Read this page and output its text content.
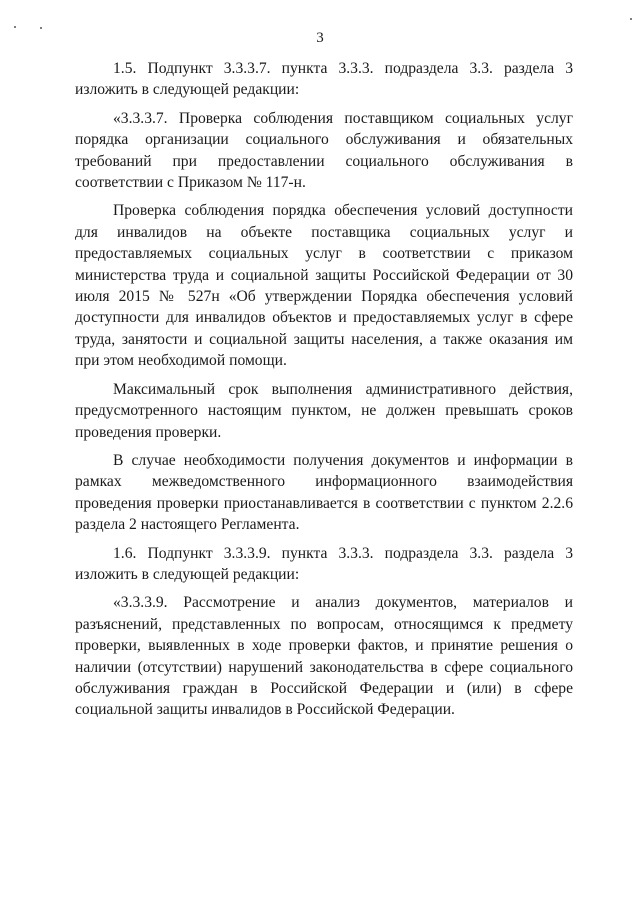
3

1.5. Подпункт 3.3.3.7. пункта 3.3.3. подраздела 3.3. раздела 3 изложить в следующей редакции:

«3.3.3.7. Проверка соблюдения поставщиком социальных услуг порядка организации социального обслуживания и обязательных требований при предоставлении социального обслуживания в соответствии с Приказом № 117-н.

Проверка соблюдения порядка обеспечения условий доступности для инвалидов на объекте поставщика социальных услуг и предоставляемых социальных услуг в соответствии с приказом министерства труда и социальной защиты Российской Федерации от 30 июля 2015 № 527н «Об утверждении Порядка обеспечения условий доступности для инвалидов объектов и предоставляемых услуг в сфере труда, занятости и социальной защиты населения, а также оказания им при этом необходимой помощи.

Максимальный срок выполнения административного действия, предусмотренного настоящим пунктом, не должен превышать сроков проведения проверки.

В случае необходимости получения документов и информации в рамках межведомственного информационного взаимодействия проведения проверки приостанавливается в соответствии с пунктом 2.2.6 раздела 2 настоящего Регламента.

1.6. Подпункт 3.3.3.9. пункта 3.3.3. подраздела 3.3. раздела 3 изложить в следующей редакции:

«3.3.3.9. Рассмотрение и анализ документов, материалов и разъяснений, представленных по вопросам, относящимся к предмету проверки, выявленных в ходе проверки фактов, и принятие решения о наличии (отсутствии) нарушений законодательства в сфере социального обслуживания граждан в Российской Федерации и (или) в сфере социальной защиты инвалидов в Российской Федерации.
